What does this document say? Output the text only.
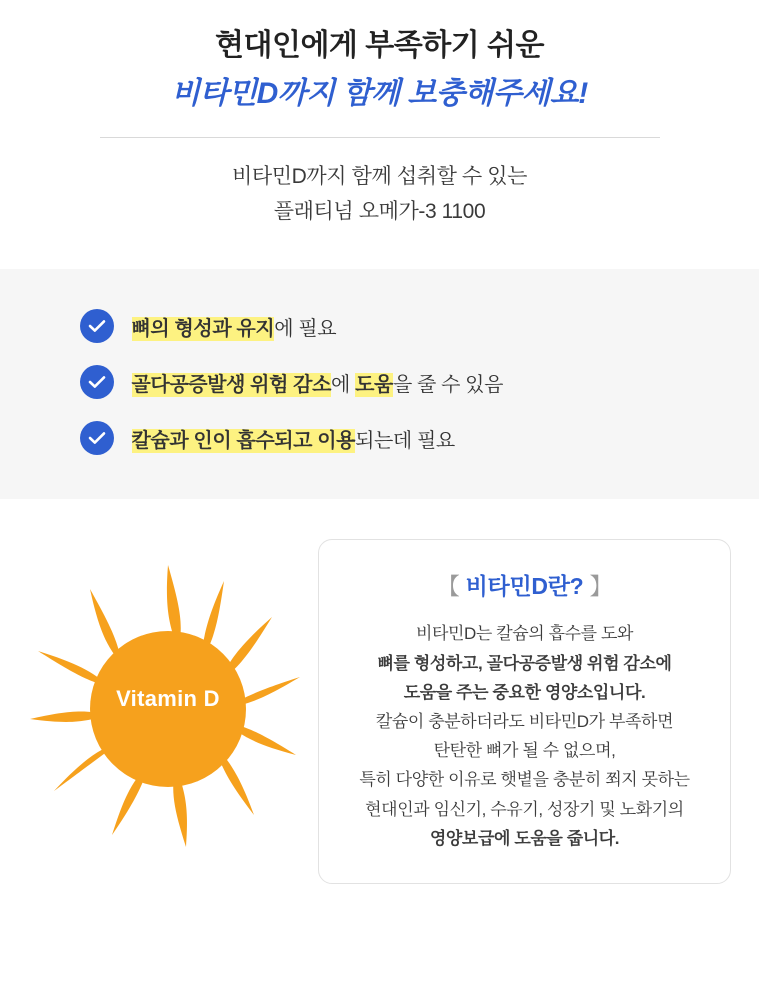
현대인에게 부족하기 쉬운
비타민D까지 함께 보충해주세요!
비타민D까지 함께 섭취할 수 있는
플래티넘 오메가-3 1100
뼈의 형성과 유지에 필요
골다공증발생 위험 감소에 도움을 줄 수 있음
칼슘과 인이 흡수되고 이용되는데 필요
Vitamin D
【 비타민D란? 】

비타민D는 칼슘의 흡수를 도와

뼈를 형성하고, 골다공증발생 위험 감소에

도움을 주는 중요한 영양소입니다.

칼슘이 충분하더라도 비타민D가 부족하면

탄탄한 뼈가 될 수 없으며,

특히 다양한 이유로 햇볕을 충분히 쬐지 못하는

현대인과 임신기, 수유기, 성장기 및 노화기의

영양보급에 도움을 줍니다.
